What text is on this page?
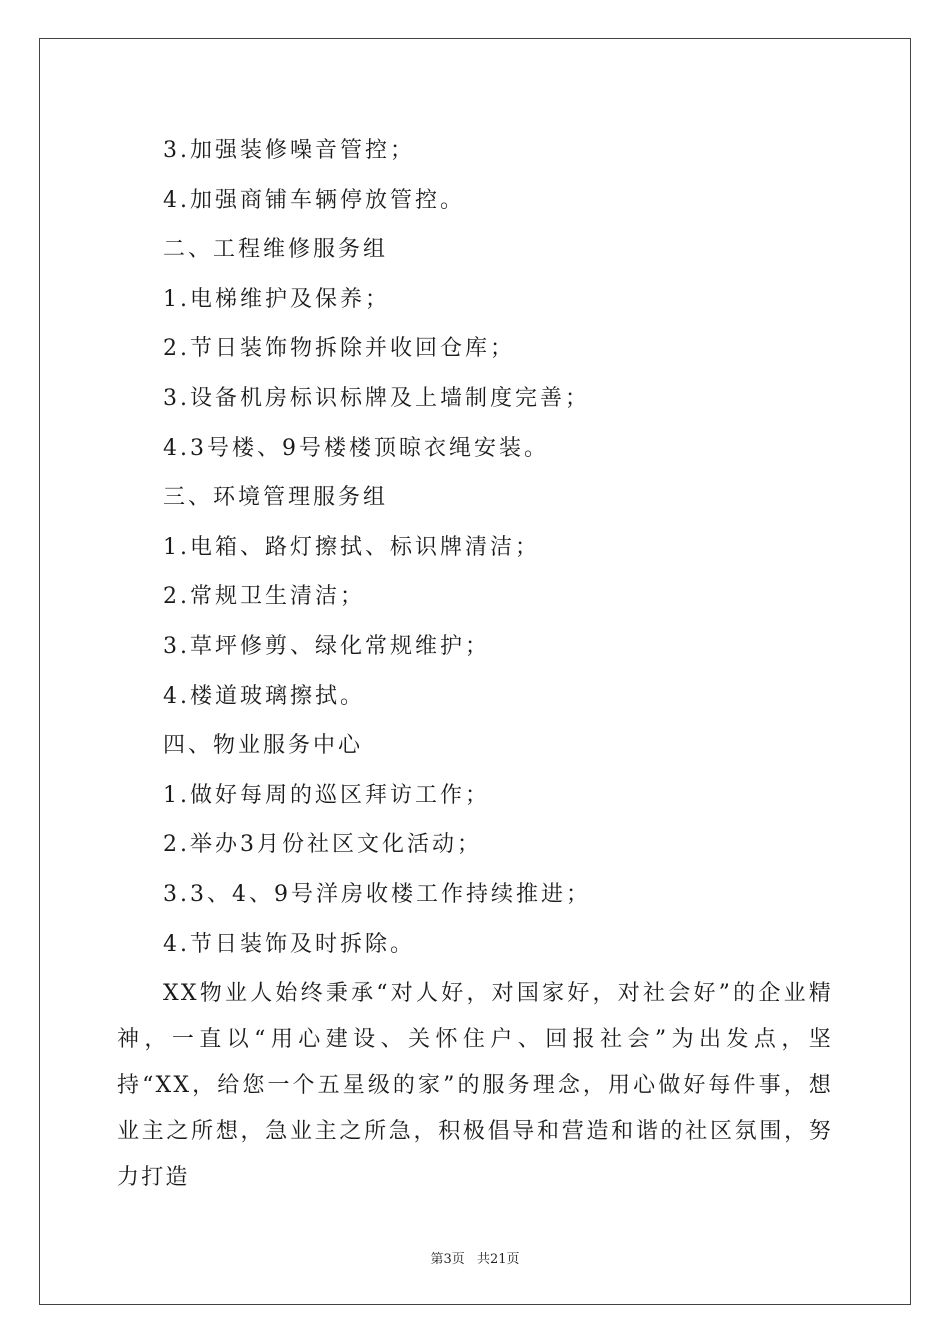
3.加强装修噪音管控；
4.加强商铺车辆停放管控。
二、工程维修服务组
1.电梯维护及保养；
2.节日装饰物拆除并收回仓库；
3.设备机房标识标牌及上墙制度完善；
4.3号楼、9号楼楼顶晾衣绳安装。
三、环境管理服务组
1.电箱、路灯擦拭、标识牌清洁；
2.常规卫生清洁；
3.草坪修剪、绿化常规维护；
4.楼道玻璃擦拭。
四、物业服务中心
1.做好每周的巡区拜访工作；
2.举办3月份社区文化活动；
3.3、4、9号洋房收楼工作持续推进；
4.节日装饰及时拆除。
XX物业人始终秉承“对人好，对国家好，对社会好”的企业精神，一直以“用心建设、关怀住户、回报社会”为出发点，坚持“XX，给您一个五星级的家”的服务理念，用心做好每件事，想业主之所想，急业主之所急，积极倡导和营造和谐的社区氛围，努力打造
第3页 共21页
